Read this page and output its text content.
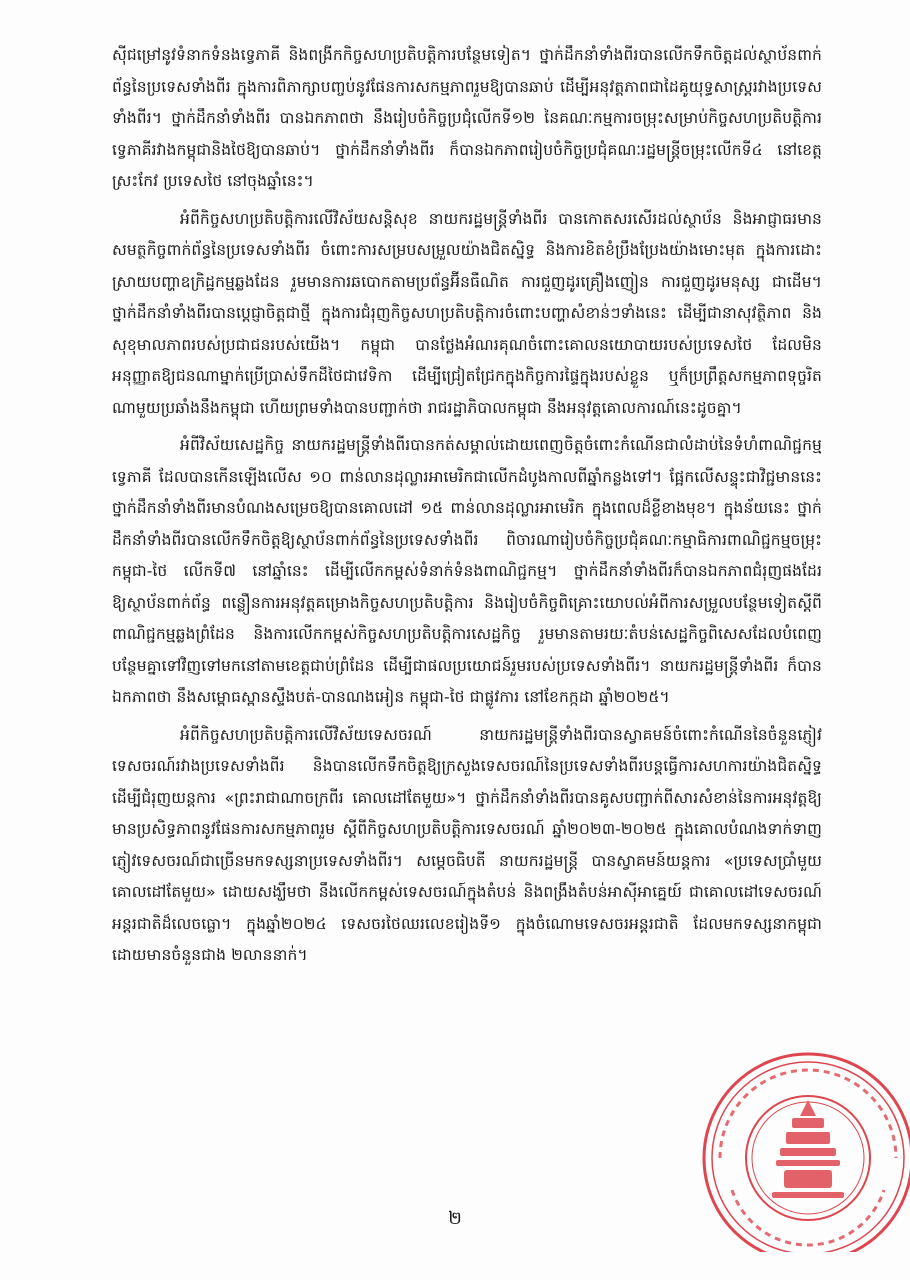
ស៊ីជម្រៅនូវទំនាកទំនងទ្វេភាគី និងពង្រីកកិច្ចសហប្រតិបត្តិការបន្ថែមទៀត។ ថ្នាក់ដឹកនាំទាំងពីរបានលើកទឹកចិត្តដល់ស្ថាប័នពាក់ព័ន្ធនៃប្រទេសទាំងពីរ ក្នុងការពិភាក្សាបញ្ចប់នូវផែនការសកម្មភាពរួមឱ្យបានឆាប់ ដើម្បីអនុវត្តភាពជាដៃគូយុទ្ធសាស្ត្ររវាងប្រទេសទាំងពីរ។ ថ្នាក់ដឹកនាំទាំងពីរ បានឯកភាពថា នឹងរៀបចំកិច្ចប្រជុំលើកទី១២ នៃគណៈកម្មការចម្រុះសម្រាប់កិច្ចសហប្រតិបត្តិការទ្វេភាគីរវាងកម្ពុជានិងថៃឱ្យបានឆាប់។ ថ្នាក់ដឹកនាំទាំងពីរ ក៏បានឯកភាពរៀបចំកិច្ចប្រជុំគណៈរដ្ឋមន្ត្រីចម្រុះលើកទី៤ នៅខេត្តស្រះកែវ ប្រទេសថៃ នៅចុងឆ្នាំនេះ។

អំពីកិច្ចសហប្រតិបត្តិការលើវិស័យសន្តិសុខ នាយករដ្ឋមន្ត្រីទាំងពីរ បានកោតសរសើរដល់ស្ថាប័ន និងអាជ្ញាធរមានសមត្ថកិច្ចពាក់ព័ន្ធនៃប្រទេសទាំងពីរ ចំពោះការសម្របសម្រួលយ៉ាងជិតស្និទ្ធ និងការខិតខំប្រឹងប្រែងយ៉ាងមោះមុត ក្នុងការដោះស្រាយបញ្ហាឧក្រិដ្ឋកម្មឆ្លងដែន រួមមានការឆបោកតាមប្រព័ន្ធអ៊ីនធឺណិត ការជួញដូរគ្រឿងញៀន ការជួញដូរមនុស្ស ជាដើម។ ថ្នាក់ដឹកនាំទាំងពីរបានប្តេជ្ញាចិត្តជាថ្មី ក្នុងការជំរុញកិច្ចសហប្រតិបត្តិការចំពោះបញ្ហាសំខាន់ៗទាំងនេះ ដើម្បីជានាសុវត្ថិភាព និងសុខុមាលភាពរបស់ប្រជាជនរបស់យើង។ កម្ពុជា បានថ្លែងអំណរគុណចំពោះគោលនយោបាយរបស់ប្រទេសថៃ ដែលមិនអនុញ្ញាតឱ្យជនណាម្នាក់ប្រើប្រាស់ទឹកដីថៃជាវេទិកា ដើម្បីជ្រៀតជ្រែកក្នុងកិច្ចការផ្ទៃក្នុងរបស់ខ្លួន ឬក៏ប្រព្រឹត្តសកម្មភាពទុច្ចរិតណាមួយប្រឆាំងនឹងកម្ពុជា ហើយព្រមទាំងបានបញ្ជាក់ថា រាជរដ្ឋាភិបាលកម្ពុជា នឹងអនុវត្តគោលការណ៍នេះដូចគ្នា។

អំពីវិស័យសេដ្ឋកិច្ច នាយករដ្ឋមន្ត្រីទាំងពីរបានកត់សម្គាល់ដោយពេញចិត្តចំពោះកំណើនជាលំដាប់នៃទំហំពាណិជ្ជកម្មទ្វេភាគី ដែលបានកើនឡើងលើស ១០ ពាន់លានដុល្លារអាមេរិកជាលើកដំបូងកាលពីឆ្នាំកន្លងទៅ។ ផ្អែកលើសន្ទុះជាវិជ្ជមាននេះ ថ្នាក់ដឹកនាំទាំងពីរមានបំណងសម្រេចឱ្យបានគោលដៅ ១៥ ពាន់លានដុល្លារអាមេរិក ក្នុងពេលដ៏ខ្លីខាងមុខ។ ក្នុងន័យនេះ ថ្នាក់ដឹកនាំទាំងពីរបានលើកទឹកចិត្តឱ្យស្ថាប័នពាក់ព័ន្ធនៃប្រទេសទាំងពីរ ពិចារណារៀបចំកិច្ចប្រជុំគណៈកម្មាធិការពាណិជ្ជកម្មចម្រុះកម្ពុជា-ថៃ លើកទី៧ នៅឆ្នាំនេះ ដើម្បីលើកកម្ពស់ទំនាក់ទំនងពាណិជ្ជកម្ម។ ថ្នាក់ដឹកនាំទាំងពីរក៏បានឯកភាពជំរុញផងដែរ ឱ្យស្ថាប័នពាក់ព័ន្ធ ពន្លឿនការអនុវត្តគម្រោងកិច្ចសហប្រតិបត្តិការ និងរៀបចំកិច្ចពិគ្រោះយោបល់អំពីការសម្រួលបន្ថែមទៀតស្តីពីពាណិជ្ជកម្មឆ្លងព្រំដែន និងការលើកកម្ពស់កិច្ចសហប្រតិបត្តិការសេដ្ឋកិច្ច រួមមានតាមរយៈតំបន់សេដ្ឋកិច្ចពិសេសដែលបំពេញបន្ថែមគ្នាទៅវិញទៅមកនៅតាមខេត្តជាប់ព្រំដែន ដើម្បីជាផលប្រយោជន៍រួមរបស់ប្រទេសទាំងពីរ។ នាយករដ្ឋមន្ត្រីទាំងពីរ ក៏បានឯកភាពថា នឹងសម្ពោធស្ពានស្ទឹងបត់-បានណងអៀន កម្ពុជា-ថៃ ជាផ្លូវការ នៅខែកក្កដា ឆ្នាំ២០២៥។

អំពីកិច្ចសហប្រតិបត្តិការលើវិស័យទេសចរណ៍ នាយករដ្ឋមន្ត្រីទាំងពីរបានស្វាគមន៍ចំពោះកំណើននៃចំនួនភ្ញៀវទេសចរណ៍រវាងប្រទេសទាំងពីរ និងបានលើកទឹកចិត្តឱ្យក្រសួងទេសចរណ៍នៃប្រទេសទាំងពីរបន្តធ្វើការសហការយ៉ាងជិតស្និទ្ធ ដើម្បីជំរុញយន្តការ «ព្រះរាជាណាចក្រពីរ គោលដៅតែមួយ»។ ថ្នាក់ដឹកនាំទាំងពីរបានគូសបញ្ជាក់ពីសារសំខាន់នៃការអនុវត្តឱ្យមានប្រសិទ្ធភាពនូវផែនការសកម្មភាពរួម ស្តីពីកិច្ចសហប្រតិបត្តិការទេសចរណ៍ ឆ្នាំ២០២៣-២០២៥ ក្នុងគោលបំណងទាក់ទាញភ្ញៀវទេសចរណ៍ជាច្រើនមកទស្សនាប្រទេសទាំងពីរ។ សម្តេចធិបតី នាយករដ្ឋមន្ត្រី បានស្វាគមន៍យន្តការ «ប្រទេសប្រាំមួយ គោលដៅតែមួយ» ដោយសង្ឃឹមថា នឹងលើកកម្ពស់ទេសចរណ៍ក្នុងតំបន់ និងពង្រឹងតំបន់អាស៊ីអាគ្នេយ៍ ជាគោលដៅទេសចរណ៍អន្តរជាតិដ៏លេចធ្លោ។ ក្នុងឆ្នាំ២០២៤ ទេសចរថៃឈរលេខរៀងទី១ ក្នុងចំណោមទេសចរអន្តរជាតិ ដែលមកទស្សនាកម្ពុជា ដោយមានចំនួនជាង ២លាននាក់។

២
